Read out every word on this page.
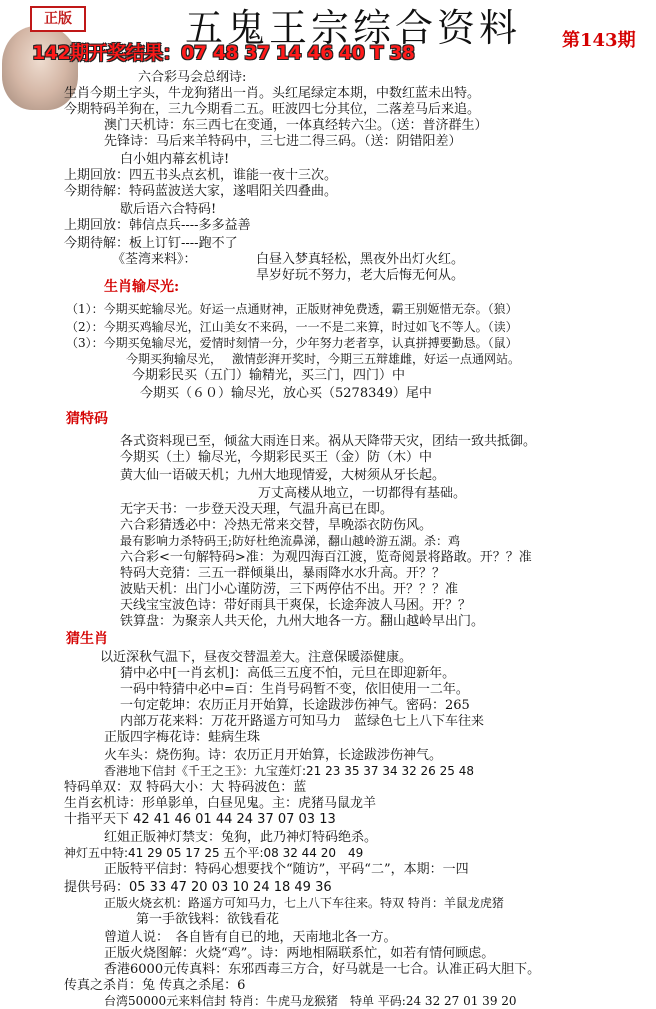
正版	五鬼王宗综合资料 第143期
142期开奖结果：07 48 37 14 46 40 T 38
六合彩马会总纲诗:
生肖今期土字头，牛龙狗猪出一肖。头红尾绿定本期，中数红蓝未出特。
今期特码羊狗在，三九今期看二五。旺波四七分其位，二落差马后来追。
澳门天机诗：东三西七在变通，一体真经转六尘。（送：普济群生）
先锋诗：马后来羊特码中，三七进二得三码。（送：阴错阳差）
白小姐内幕玄机诗!
上期回放：四五书头点玄机，谁能一夜十三次。
今期待解：特码蓝波送大家，遂唱阳关四叠曲。
歇后语六合特码!
上期回放：韩信点兵----多多益善
今期待解：板上订钉----跑不了
《荃湾来料》：	白昼入梦真轻松，黑夜外出灯火红。
旱岁好玩不努力，老大后悔无何从。
生肖输尽光:
（1）：今期买蛇输尽光。好运一点通财神，正版财神免费透，霸王别姬惜无奈。（狼）
（2）：今期买鸡输尽光，江山美女不来码，一一不是二来算，时过如飞不等人。（读）
（3）：今期买兔输尽光，爱情时刻情一分，少年努力老者享，认真拼搏要勤恳。（鼠）
今期买狗输尽光， 激情彭湃开奖时，今期三五辩雄雌，好运一点通网站。
今期彩民买（五门）输精光，买三门，四门）中
今期买（６０）输尽光，放心买（5278349）尾中
猜特码
各式资料现已至，倾盆大雨连日来。祸从天降带天灾，团结一致共抵御。
今期买（土）输尽光，今期彩民买王（金）防（木）中
黄大仙一语破天机；九州大地现情爱，大树须从牙长起。
万丈高楼从地立，一切都得有基础。
无字天书：一步登天没天理，气温升高已在即。
六合彩猜透必中：冷热无常来交替，旱晚添衣防伤风。
最有影响力杀特码王;防好杜绝流鼻涕，翻山越岭游五湖。杀：鸡
六合彩<一句解特码>准：为观四海百江渡，览奇阅景将路敢。开？？准
特码大竞猜：三五一群倾巢出，暴雨降水水升高。开？？
波贴天机：出门小心谨防涝，三下两停估不出。开？？？准
天线宝宝波色诗：带好雨具干爽保，长途奔波人马困。开？？
铁算盘：为聚亲人共天伦，九州大地各一方。翻山越岭早出门。
猜生肖
以近深秋气温下，昼夜交替温差大。注意保暖添健康。
猜中必中[一肖玄机]：高低三五度不怕，元旦在即迎新年。
一码中特猜中必中=百：生肖号码暂不变，依旧使用一二年。
一句定乾坤：农历正月开始算，长途跋涉伤神气。密码：265
内部万花来料：万花开路遥方可知马力　蓝绿色七上八下车往来
正版四字梅花诗：蛙病生珠
火车头：烧伤狗。诗：农历正月开始算，长途跋涉伤神气。
香港地下信封《千王之王》：九宝莲灯:21 23 35 37 34 32 26 25 48
特码单双：双 特码大小：大 特码波色：蓝
生肖玄机诗：形单影单，白昼见鬼。主：虎猪马鼠龙羊
十指平天下 42 41 46 01 44 24 37 07 03 13
红姐正版神灯禁支：兔狗，此乃神灯特码绝杀。
神灯五中特:41 29 05 17 25 五个平:08 32 44 20　49
正版特平信封：特码心想要找个“随访”，平码“二”，本期：一四
提供号码：05 33 47 20 03 10 24 18 49 36
正版火烧玄机：路遥方可知马力，七上八下车往来。特双 特肖：羊鼠龙虎猪
第一手欲钱料：欲钱看花
曾道人说：　各自皆有自已的地，天南地北各一方。
正版火烧图解：火烧“鸡”。诗：两地相隔联系忙，如若有情何顾虑。
香港6000元传真料：东邪西毒三方合，好马就是一七合。认准正码大胆下。
传真之杀肖：兔 传真之杀尾：6
台湾50000元来料信封 特肖：牛虎马龙猴猪　特单 平码:24 32 27 01 39 20
